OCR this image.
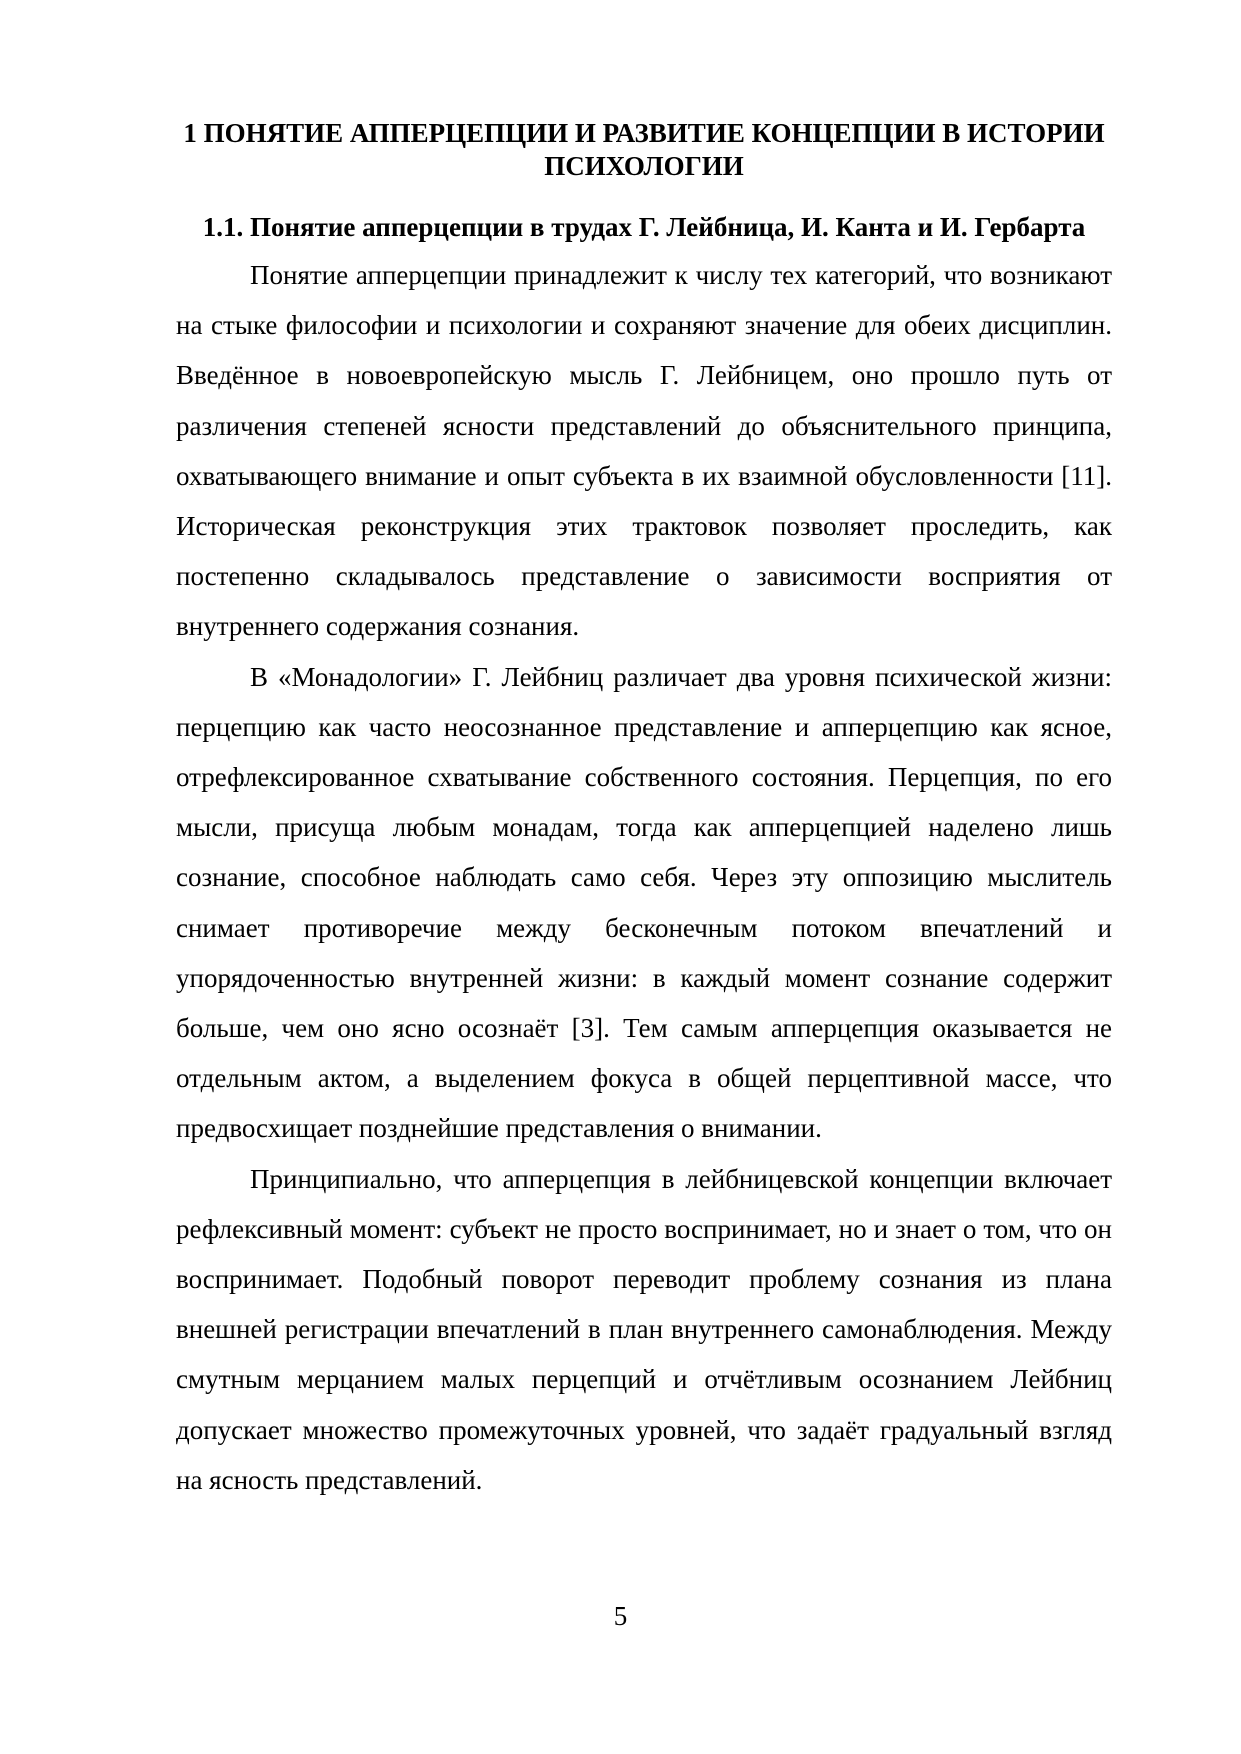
1 ПОНЯТИЕ АППЕРЦЕПЦИИ И РАЗВИТИЕ КОНЦЕПЦИИ В ИСТОРИИ ПСИХОЛОГИИ
1.1. Понятие апперцепции в трудах Г. Лейбница, И. Канта и И. Гербарта

Понятие апперцепции принадлежит к числу тех категорий, что возникают на стыке философии и психологии и сохраняют значение для обеих дисциплин. Введённое в новоевропейскую мысль Г. Лейбницем, оно прошло путь от различения степеней ясности представлений до объяснительного принципа, охватывающего внимание и опыт субъекта в их взаимной обусловленности [11]. Историческая реконструкция этих трактовок позволяет проследить, как постепенно складывалось представление о зависимости восприятия от внутреннего содержания сознания.

В «Монадологии» Г. Лейбниц различает два уровня психической жизни: перцепцию как часто неосознанное представление и апперцепцию как ясное, отрефлексированное схватывание собственного состояния. Перцепция, по его мысли, присуща любым монадам, тогда как апперцепцией наделено лишь сознание, способное наблюдать само себя. Через эту оппозицию мыслитель снимает противоречие между бесконечным потоком впечатлений и упорядоченностью внутренней жизни: в каждый момент сознание содержит больше, чем оно ясно осознаёт [3]. Тем самым апперцепция оказывается не отдельным актом, а выделением фокуса в общей перцептивной массе, что предвосхищает позднейшие представления о внимании.

Принципиально, что апперцепция в лейбницевской концепции включает рефлексивный момент: субъект не просто воспринимает, но и знает о том, что он воспринимает. Подобный поворот переводит проблему сознания из плана внешней регистрации впечатлений в план внутреннего самонаблюдения. Между смутным мерцанием малых перцепций и отчётливым осознанием Лейбниц допускает множество промежуточных уровней, что задаёт градуальный взгляд на ясность представлений.

5
